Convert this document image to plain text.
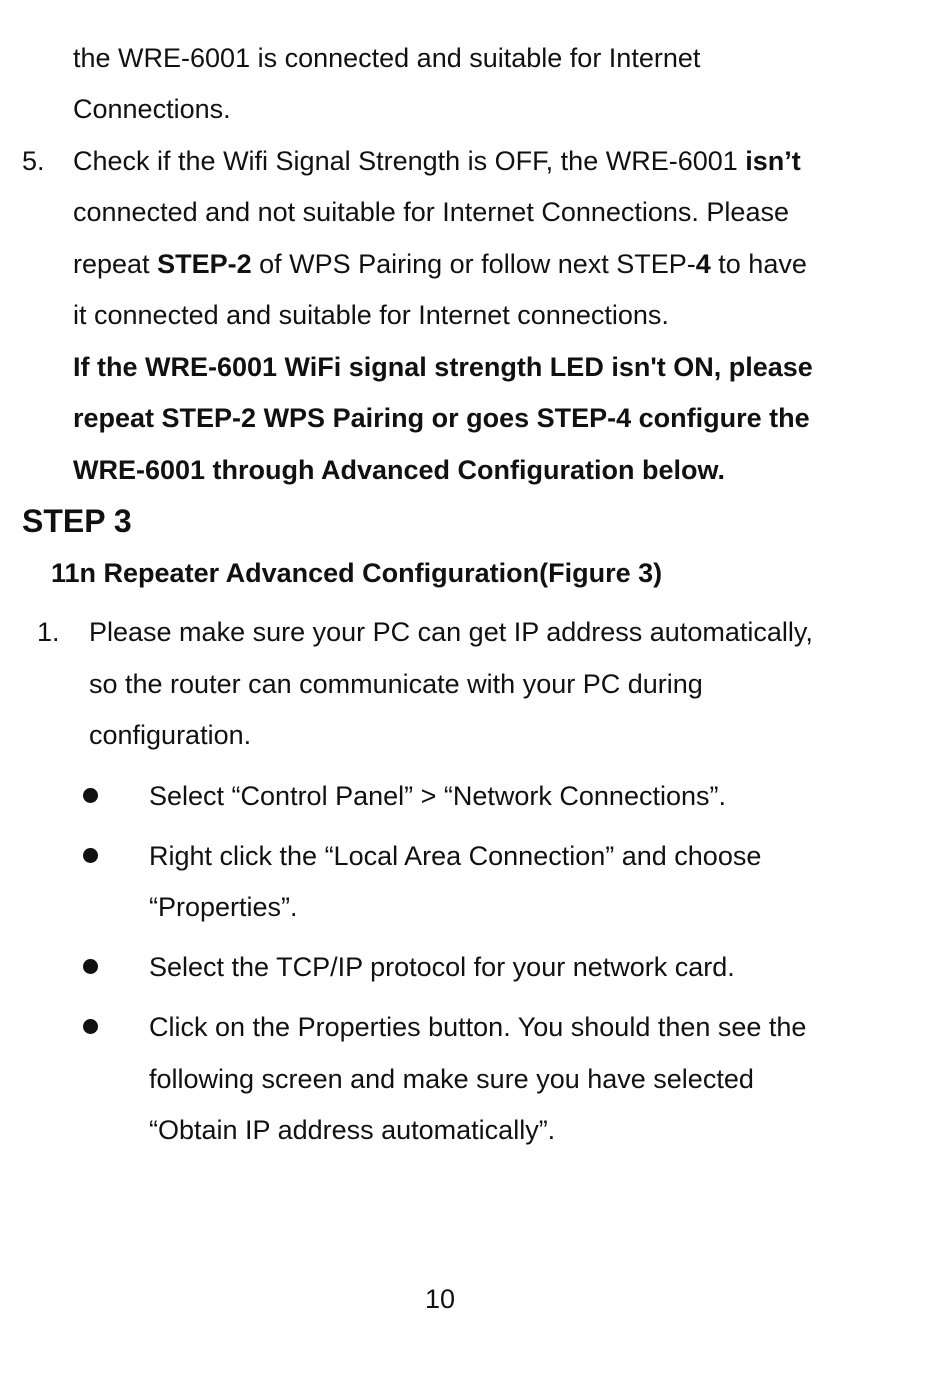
the WRE-6001 is connected and suitable for Internet
Connections.
5. Check if the Wifi Signal Strength is OFF, the WRE-6001 isn’t
connected and not suitable for Internet Connections. Please
repeat STEP-2 of WPS Pairing or follow next STEP-4 to have
it connected and suitable for Internet connections.
If the WRE-6001 WiFi signal strength LED isn't ON, please
repeat STEP-2 WPS Pairing or goes STEP-4 configure the
WRE-6001 through Advanced Configuration below.
STEP 3
11n Repeater Advanced Configuration(Figure 3)
1. Please make sure your PC can get IP address automatically,
so the router can communicate with your PC during
configuration.
Select “Control Panel” > “Network Connections”.
Right click the “Local Area Connection” and choose
“Properties”.
Select the TCP/IP protocol for your network card.
Click on the Properties button. You should then see the
following screen and make sure you have selected
“Obtain IP address automatically”.
10
